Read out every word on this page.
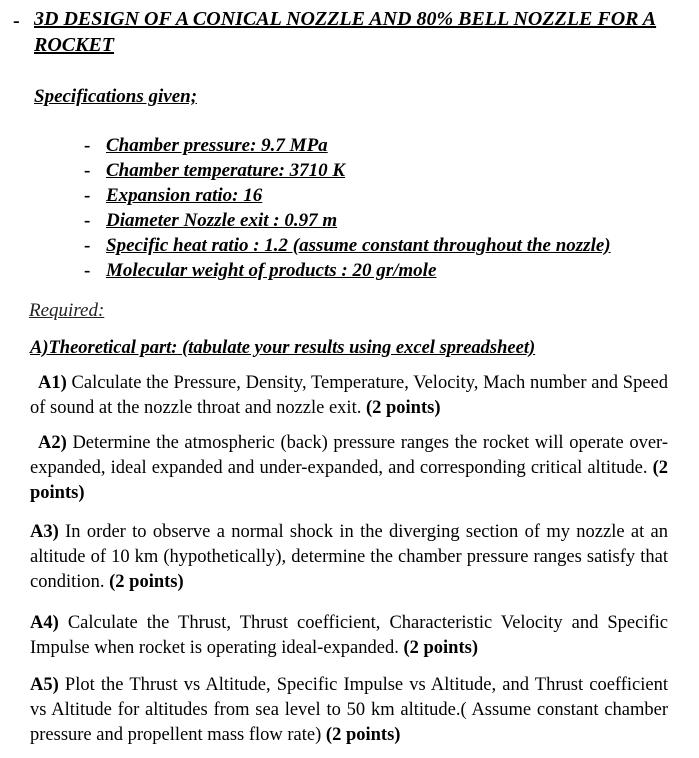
- 3D DESIGN OF A CONICAL NOZZLE AND 80% BELL NOZZLE FOR A ROCKET
Specifications given;
- Chamber pressure: 9.7 MPa
- Chamber temperature: 3710 K
- Expansion ratio: 16
- Diameter Nozzle exit : 0.97 m
- Specific heat ratio : 1.2 (assume constant throughout the nozzle)
- Molecular weight of products : 20 gr/mole
Required:
A)Theoretical part: (tabulate your results using excel spreadsheet)

A1) Calculate the Pressure, Density, Temperature, Velocity, Mach number and Speed of sound at the nozzle throat and nozzle exit. (2 points)

A2) Determine the atmospheric (back) pressure ranges the rocket will operate over-expanded, ideal expanded and under-expanded, and corresponding critical altitude. (2 points)

A3) In order to observe a normal shock in the diverging section of my nozzle at an altitude of 10 km (hypothetically), determine the chamber pressure ranges satisfy that condition. (2 points)

A4) Calculate the Thrust, Thrust coefficient, Characteristic Velocity and Specific Impulse when rocket is operating ideal-expanded. (2 points)

A5) Plot the Thrust vs Altitude, Specific Impulse vs Altitude, and Thrust coefficient vs Altitude for altitudes from sea level to 50 km altitude.( Assume constant chamber pressure and propellent mass flow rate) (2 points)
